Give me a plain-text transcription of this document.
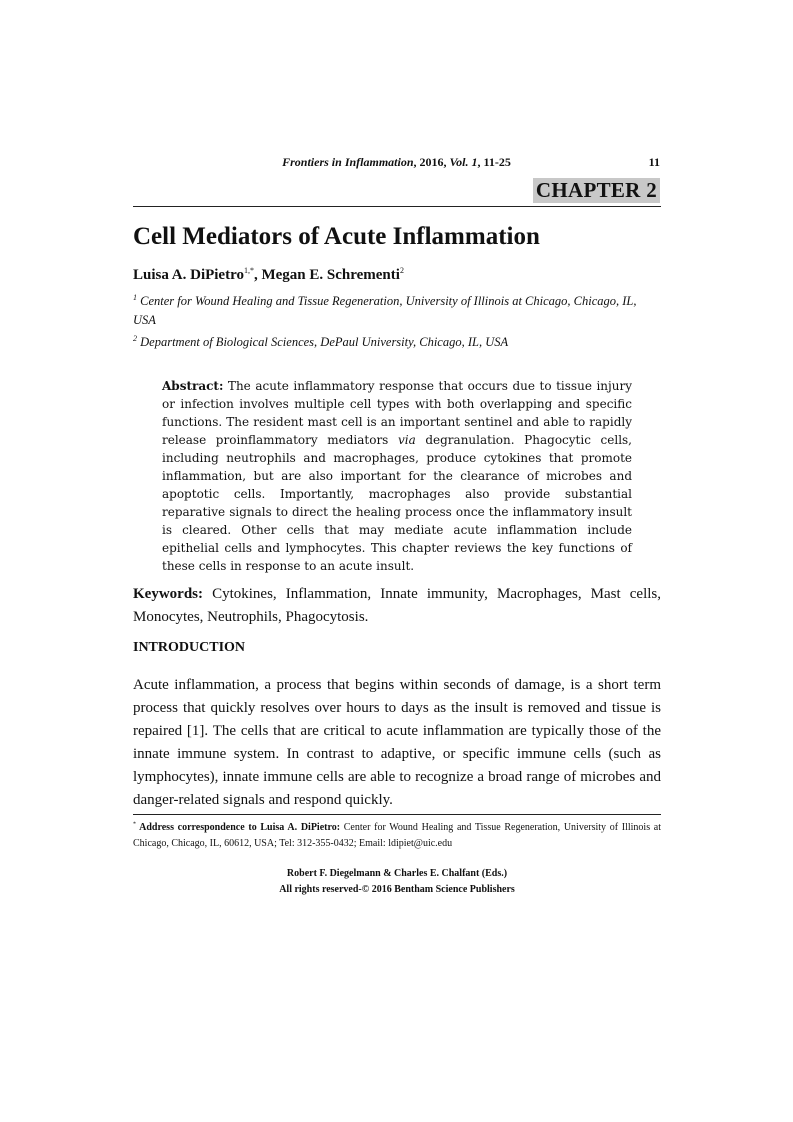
Frontiers in Inflammation, 2016, Vol. 1, 11-25	11
CHAPTER 2
Cell Mediators of Acute Inflammation
Luisa A. DiPietro$^{1,*}$, Megan E. Schrementi$^2$
$^1$ Center for Wound Healing and Tissue Regeneration, University of Illinois at Chicago, Chicago, IL, USA
$^2$ Department of Biological Sciences, DePaul University, Chicago, IL, USA
Abstract: The acute inflammatory response that occurs due to tissue injury or infection involves multiple cell types with both overlapping and specific functions. The resident mast cell is an important sentinel and able to rapidly release proinflammatory mediators via degranulation. Phagocytic cells, including neutrophils and macrophages, produce cytokines that promote inflammation, but are also important for the clearance of microbes and apoptotic cells. Importantly, macrophages also provide substantial reparative signals to direct the healing process once the inflammatory insult is cleared. Other cells that may mediate acute inflammation include epithelial cells and lymphocytes. This chapter reviews the key functions of these cells in response to an acute insult.
Keywords: Cytokines, Inflammation, Innate immunity, Macrophages, Mast cells, Monocytes, Neutrophils, Phagocytosis.
INTRODUCTION
Acute inflammation, a process that begins within seconds of damage, is a short term process that quickly resolves over hours to days as the insult is removed and tissue is repaired [1]. The cells that are critical to acute inflammation are typically those of the innate immune system. In contrast to adaptive, or specific immune cells (such as lymphocytes), innate immune cells are able to recognize a broad range of microbes and danger-related signals and respond quickly.
* Address correspondence to Luisa A. DiPietro: Center for Wound Healing and Tissue Regeneration, University of Illinois at Chicago, Chicago, IL, 60612, USA; Tel: 312-355-0432; Email: ldipiet@uic.edu
Robert F. Diegelmann & Charles E. Chalfant (Eds.)
All rights reserved-© 2016 Bentham Science Publishers
